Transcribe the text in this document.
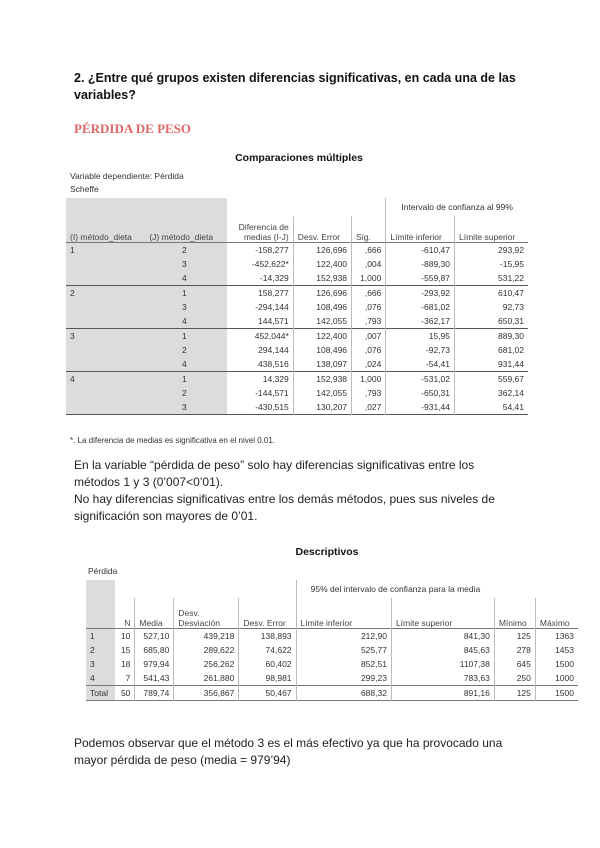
2. ¿Entre qué grupos existen diferencias significativas, en cada una de las variables?
PÉRDIDA DE PESO
Comparaciones múltiples
Variable dependiente: Pérdida
Scheffe
					Intervalo de confianza al 99%	
(I) método_dieta	(J) método_dieta	Diferencia de medias (I-J)	Desv. Error	Sig.	Límite inferior	Límite superior
1	2	-158,277	126,696	,666	-610,47	293,92
	3	-452,622*	122,400	,004	-889,30	-15,95
	4	-14,329	152,938	1,000	-559,87	531,22
2	1	158,277	126,696	,666	-293,92	610,47
	3	-294,144	108,496	,076	-681,02	92,73
	4	144,571	142,055	,793	-362,17	650,31
3	1	452,044*	122,400	,007	15,95	889,30
	2	294,144	108,496	,076	-92,73	681,02
	4	438,516	138,097	,024	-54,41	931,44
4	1	14,329	152,938	1,000	-531,02	559,67
	2	-144,571	142,055	,793	-650,31	362,14
	3	-430,515	130,207	,027	-931,44	54,41
*. La diferencia de medias es significativa en el nivel 0.01.
En la variable “pérdida de peso” solo hay diferencias significativas entre los métodos 1 y 3 (0’007<0’01).
No hay diferencias significativas entre los demás métodos, pues sus niveles de significación son mayores de 0’01.
Descriptivos
Pérdida
					95% del intervalo de confianza para la media			
	N	Media	Desv. Desviación	Desv. Error	Límite inferior	Límite superior	Mínimo	Máximo
1	10	527,10	439,218	138,893	212,90	841,30	125	1363
2	15	685,80	289,622	74,622	525,77	845,63	278	1453
3	18	979,94	256,262	60,402	852,51	1107,38	645	1500
4	7	541,43	261,880	98,981	299,23	783,63	250	1000
Total	50	789,74	356,867	50,467	688,32	891,16	125	1500
Podemos observar que el método 3 es el más efectivo ya que ha provocado una mayor pérdida de peso (media = 979’94)
